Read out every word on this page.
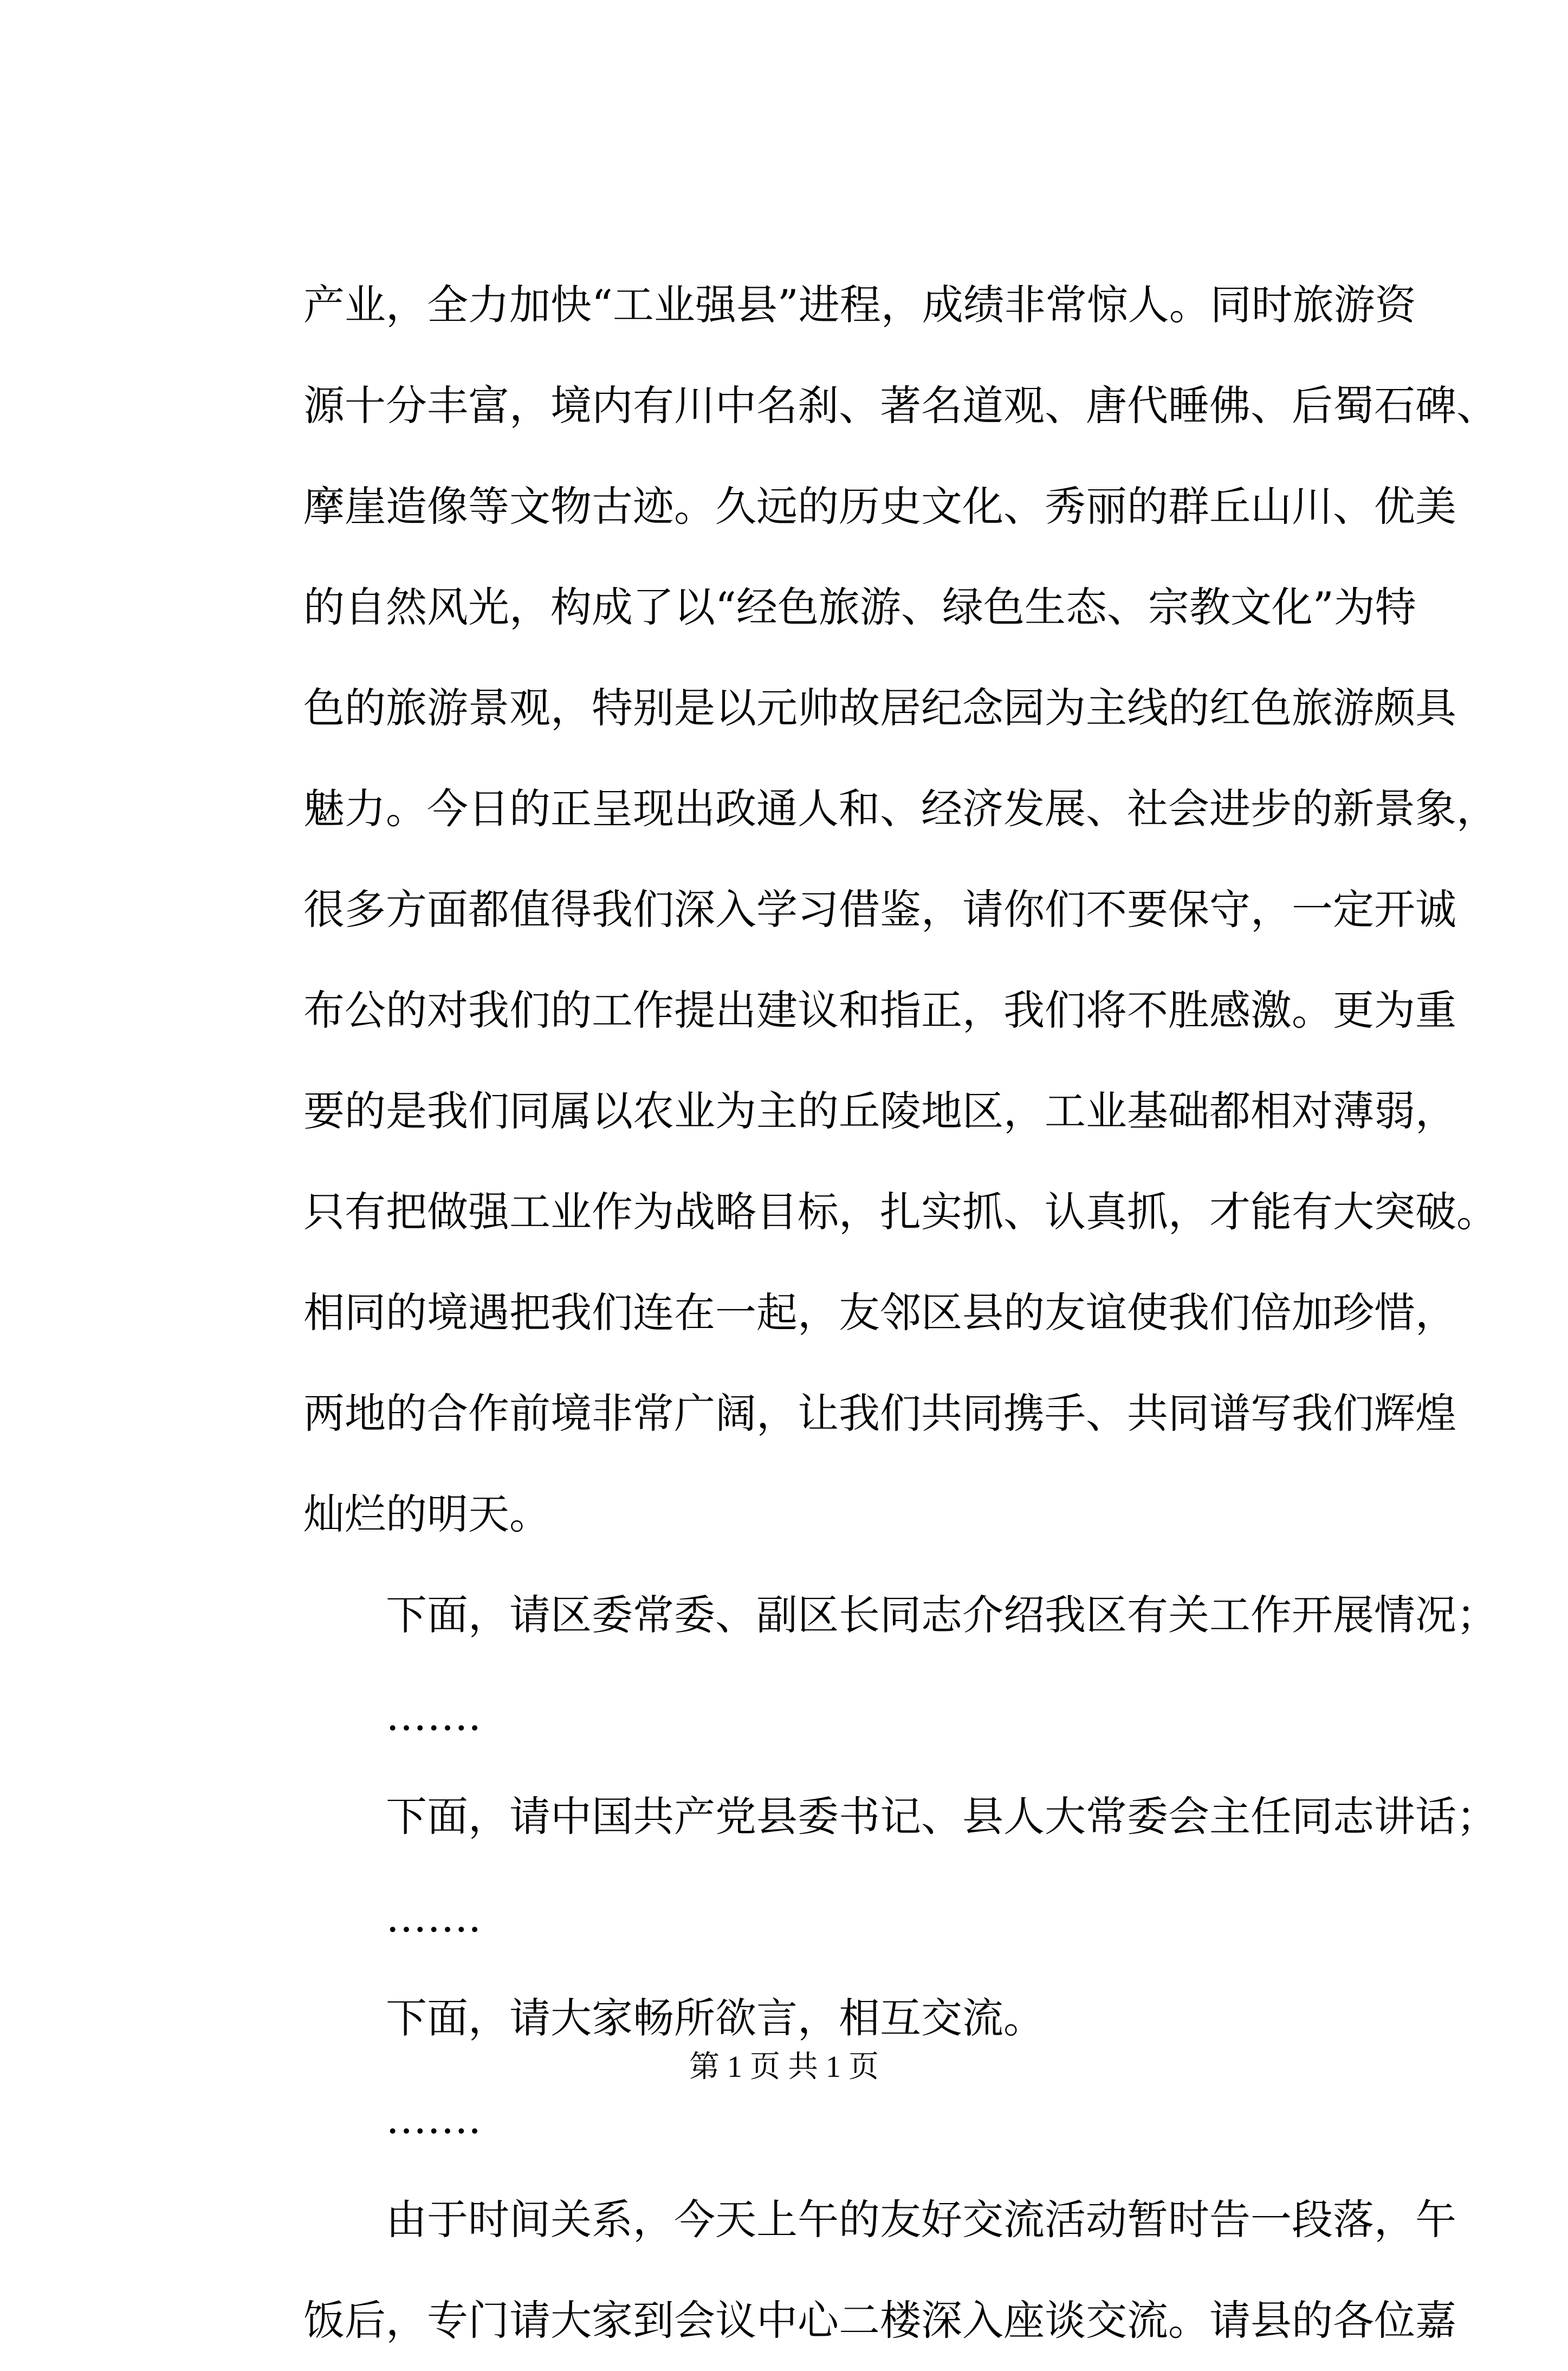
产业，全力加快“工业强县”进程，成绩非常惊人。同时旅游资
源十分丰富，境内有川中名刹、著名道观、唐代睡佛、后蜀石碑、
摩崖造像等文物古迹。久远的历史文化、秀丽的群丘山川、优美
的自然风光，构成了以“经色旅游、绿色生态、宗教文化”为特
色的旅游景观，特别是以元帅故居纪念园为主线的红色旅游颇具
魅力。今日的正呈现出政通人和、经济发展、社会进步的新景象，
很多方面都值得我们深入学习借鉴，请你们不要保守，一定开诚
布公的对我们的工作提出建议和指正，我们将不胜感激。更为重
要的是我们同属以农业为主的丘陵地区，工业基础都相对薄弱，
只有把做强工业作为战略目标，扎实抓、认真抓，才能有大突破。
相同的境遇把我们连在一起，友邻区县的友谊使我们倍加珍惜，
两地的合作前境非常广阔，让我们共同携手、共同谱写我们辉煌
灿烂的明天。
下面，请区委常委、副区长同志介绍我区有关工作开展情况；
…….
下面，请中国共产党县委书记、县人大常委会主任同志讲话；
…….
下面，请大家畅所欲言，相互交流。
…….
由于时间关系，今天上午的友好交流活动暂时告一段落，午
饭后，专门请大家到会议中心二楼深入座谈交流。请县的各位嘉
第 1 页 共 1 页
